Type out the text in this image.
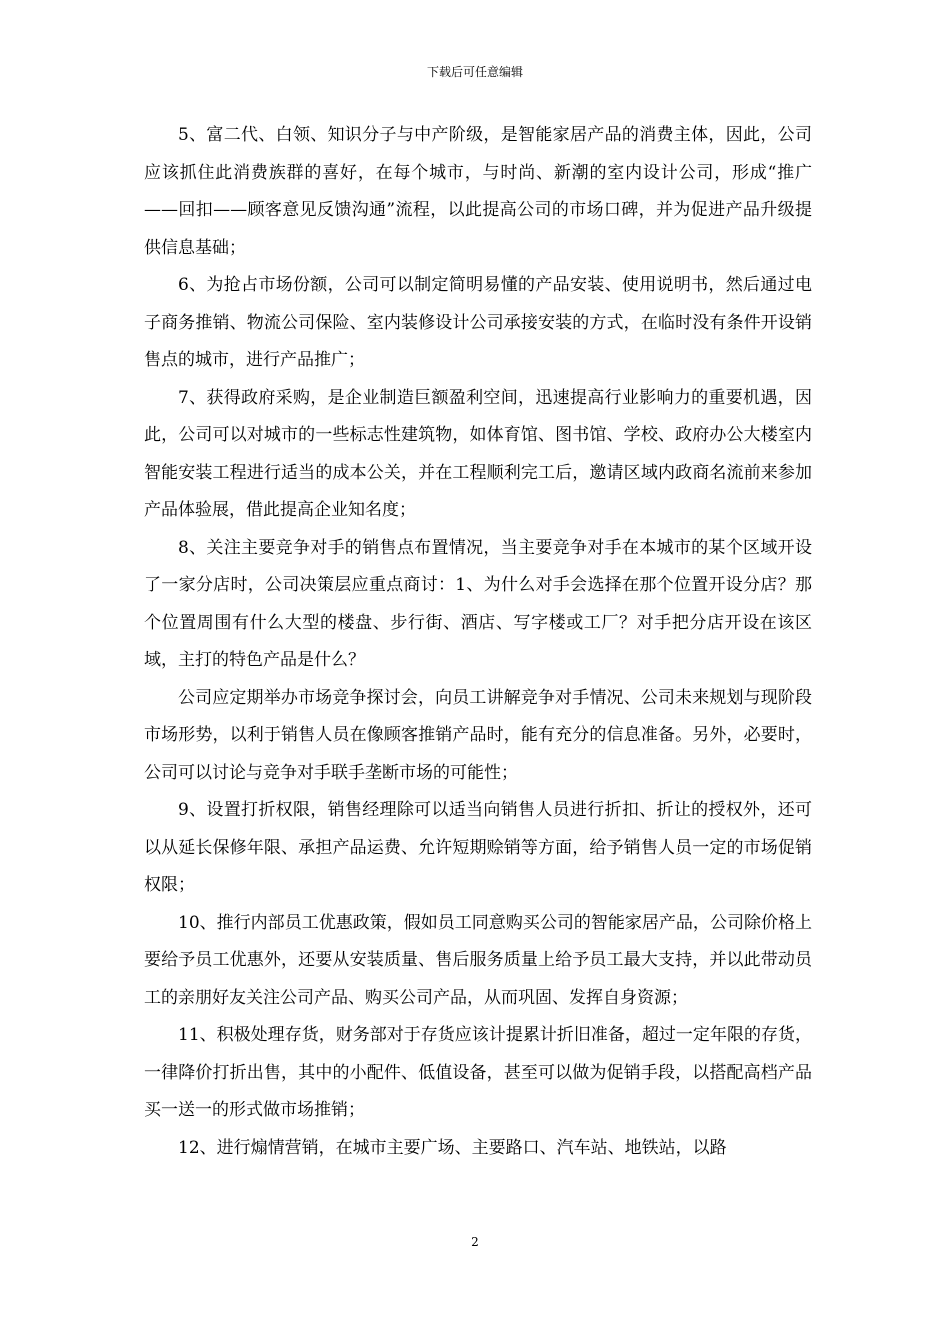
下载后可任意编辑

5、富二代、白领、知识分子与中产阶级，是智能家居产品的消费主体，因此，公司应该抓住此消费族群的喜好，在每个城市，与时尚、新潮的室内设计公司，形成“推广——回扣——顾客意见反馈沟通”流程，以此提高公司的市场口碑，并为促进产品升级提供信息基础；

6、为抢占市场份额，公司可以制定简明易懂的产品安装、使用说明书，然后通过电子商务推销、物流公司保险、室内装修设计公司承接安装的方式，在临时没有条件开设销售点的城市，进行产品推广；

7、获得政府采购，是企业制造巨额盈利空间，迅速提高行业影响力的重要机遇，因此，公司可以对城市的一些标志性建筑物，如体育馆、图书馆、学校、政府办公大楼室内智能安装工程进行适当的成本公关，并在工程顺利完工后，邀请区域内政商名流前来参加产品体验展，借此提高企业知名度；

8、关注主要竞争对手的销售点布置情况，当主要竞争对手在本城市的某个区域开设了一家分店时，公司决策层应重点商讨：1、为什么对手会选择在那个位置开设分店？那个位置周围有什么大型的楼盘、步行街、酒店、写字楼或工厂？对手把分店开设在该区域，主打的特色产品是什么？

公司应定期举办市场竞争探讨会，向员工讲解竞争对手情况、公司未来规划与现阶段市场形势，以利于销售人员在像顾客推销产品时，能有充分的信息准备。另外，必要时，公司可以讨论与竞争对手联手垄断市场的可能性；

9、设置打折权限，销售经理除可以适当向销售人员进行折扣、折让的授权外，还可以从延长保修年限、承担产品运费、允许短期赊销等方面，给予销售人员一定的市场促销权限；

10、推行内部员工优惠政策，假如员工同意购买公司的智能家居产品，公司除价格上要给予员工优惠外，还要从安装质量、售后服务质量上给予员工最大支持，并以此带动员工的亲朋好友关注公司产品、购买公司产品，从而巩固、发挥自身资源；

11、积极处理存货，财务部对于存货应该计提累计折旧准备，超过一定年限的存货，一律降价打折出售，其中的小配件、低值设备，甚至可以做为促销手段，以搭配高档产品买一送一的形式做市场推销；

12、进行煽情营销，在城市主要广场、主要路口、汽车站、地铁站，以路

2
